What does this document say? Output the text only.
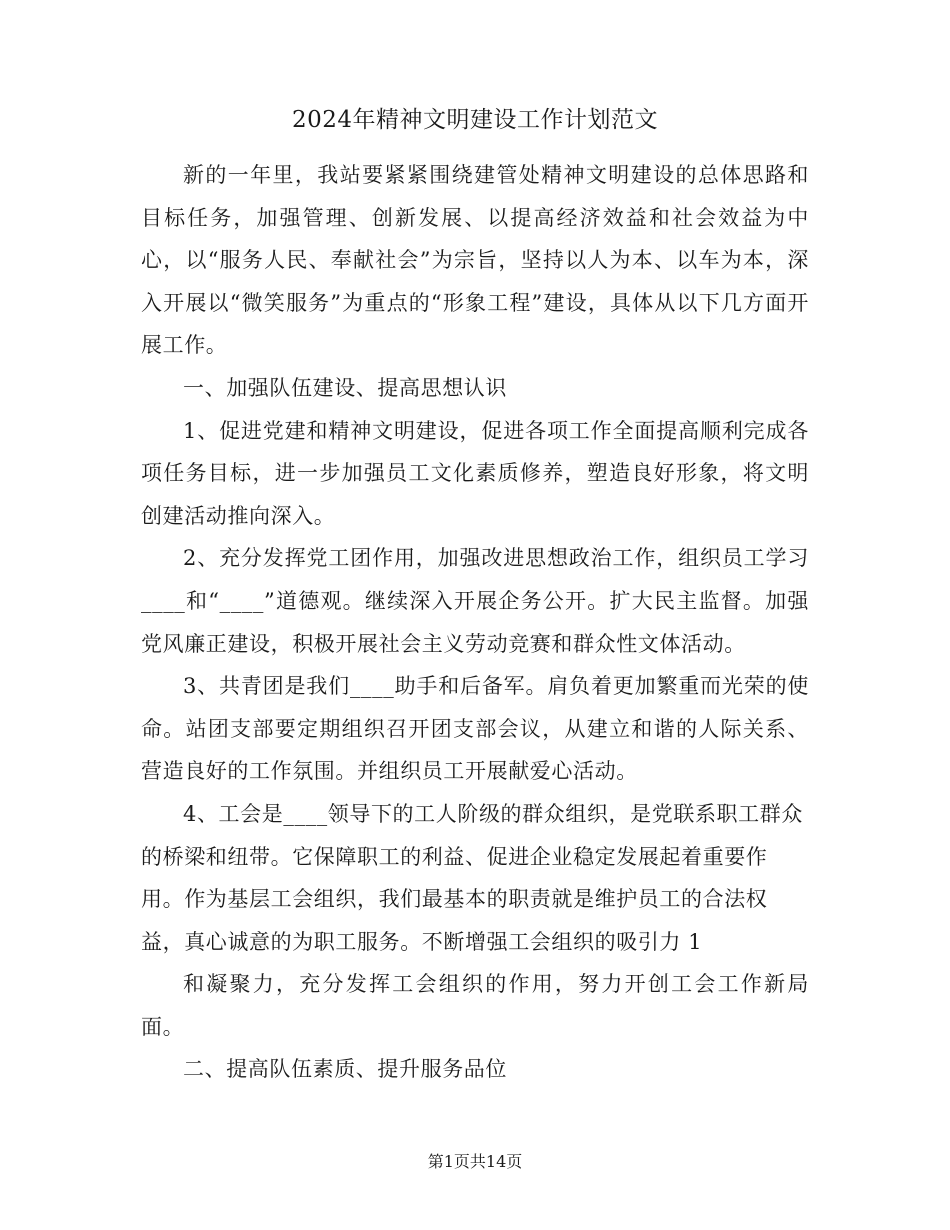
2024年精神文明建设工作计划范文

新的一年里，我站要紧紧围绕建管处精神文明建设的总体思路和目标任务，加强管理、创新发展、以提高经济效益和社会效益为中心，以“服务人民、奉献社会”为宗旨，坚持以人为本、以车为本，深入开展以“微笑服务”为重点的“形象工程”建设，具体从以下几方面开展工作。

一、加强队伍建设、提高思想认识

1、促进党建和精神文明建设，促进各项工作全面提高顺利完成各项任务目标，进一步加强员工文化素质修养，塑造良好形象，将文明创建活动推向深入。

2、充分发挥党工团作用，加强改进思想政治工作，组织员工学习____和“____”道德观。继续深入开展企务公开。扩大民主监督。加强党风廉正建设，积极开展社会主义劳动竞赛和群众性文体活动。

3、共青团是我们____助手和后备军。肩负着更加繁重而光荣的使命。站团支部要定期组织召开团支部会议，从建立和谐的人际关系、营造良好的工作氛围。并组织员工开展献爱心活动。

4、工会是____领导下的工人阶级的群众组织，是党联系职工群众的桥梁和纽带。它保障职工的利益、促进企业稳定发展起着重要作用。作为基层工会组织，我们最基本的职责就是维护员工的合法权益，真心诚意的为职工服务。不断增强工会组织的吸引力 1

和凝聚力，充分发挥工会组织的作用，努力开创工会工作新局面。

二、提高队伍素质、提升服务品位

第1页共14页
